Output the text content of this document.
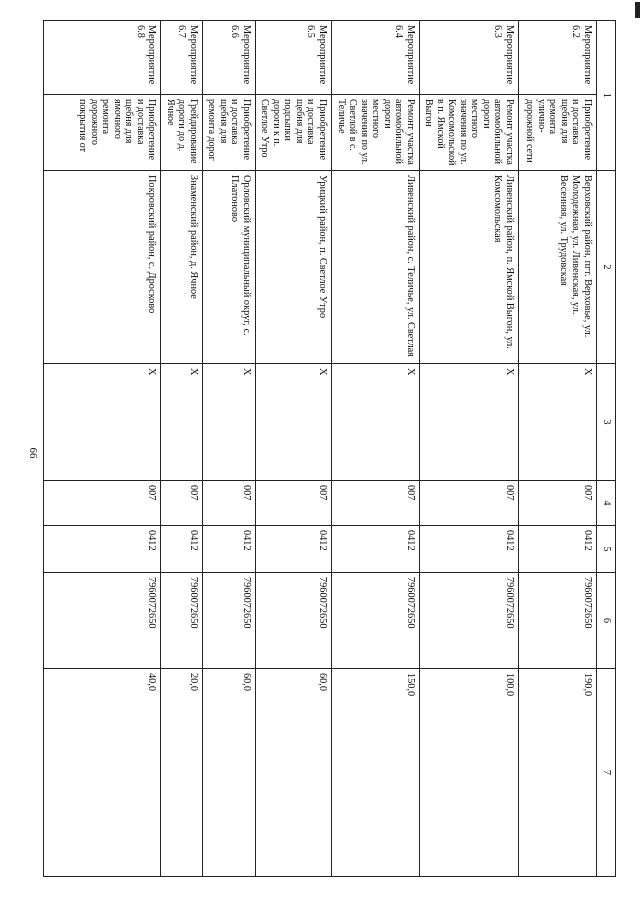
66
1		2	3	4	5	6	7
Мероприятие 6.2	Приобретение и доставка щебня для ремонта улично-дорожной сети	Верховский район, пгт. Верховье, ул. Молодежная, ул. Ливенская, ул. Весенняя, ул. Трудовская	X	007	0412	7960072650	190,0
Мероприятие 6.3	Ремонт участка автомобильной дороги местного значения по ул. Комсомольской в п. Ямской Выгон	Ливенский район, п. Ямской Выгон, ул. Комсомольская	X	007	0412	7960072650	100,0
Мероприятие 6.4	Ремонт участка автомобильной дороги местного значения по ул. Светлой в с. Теличье	Ливенский район, с. Теличье, ул. Светлая	X	007	0412	7960072650	150,0
Мероприятие 6.5	Приобретение и доставка щебня для подсыпки дороги к п. Светлое Утро	Урицкий район, п. Светлое Утро	X	007	0412	7960072650	60,0
Мероприятие 6.6	Приобретение и доставка щебня для ремонта дорог	Орловский муниципальный округ, с. Платоново	X	007	0412	7960072650	60,0
Мероприятие 6.7	Грейдирование дороги до д. Ячное	Знаменский район, д. Ячное	X	007	0412	7960072650	20,0
Мероприятие 6.8	Приобретение и доставка щебня для ямочного ремонта дорожного покрытия от	Покровский район, с. Дросково	X	007	0412	7960072650	40,0
